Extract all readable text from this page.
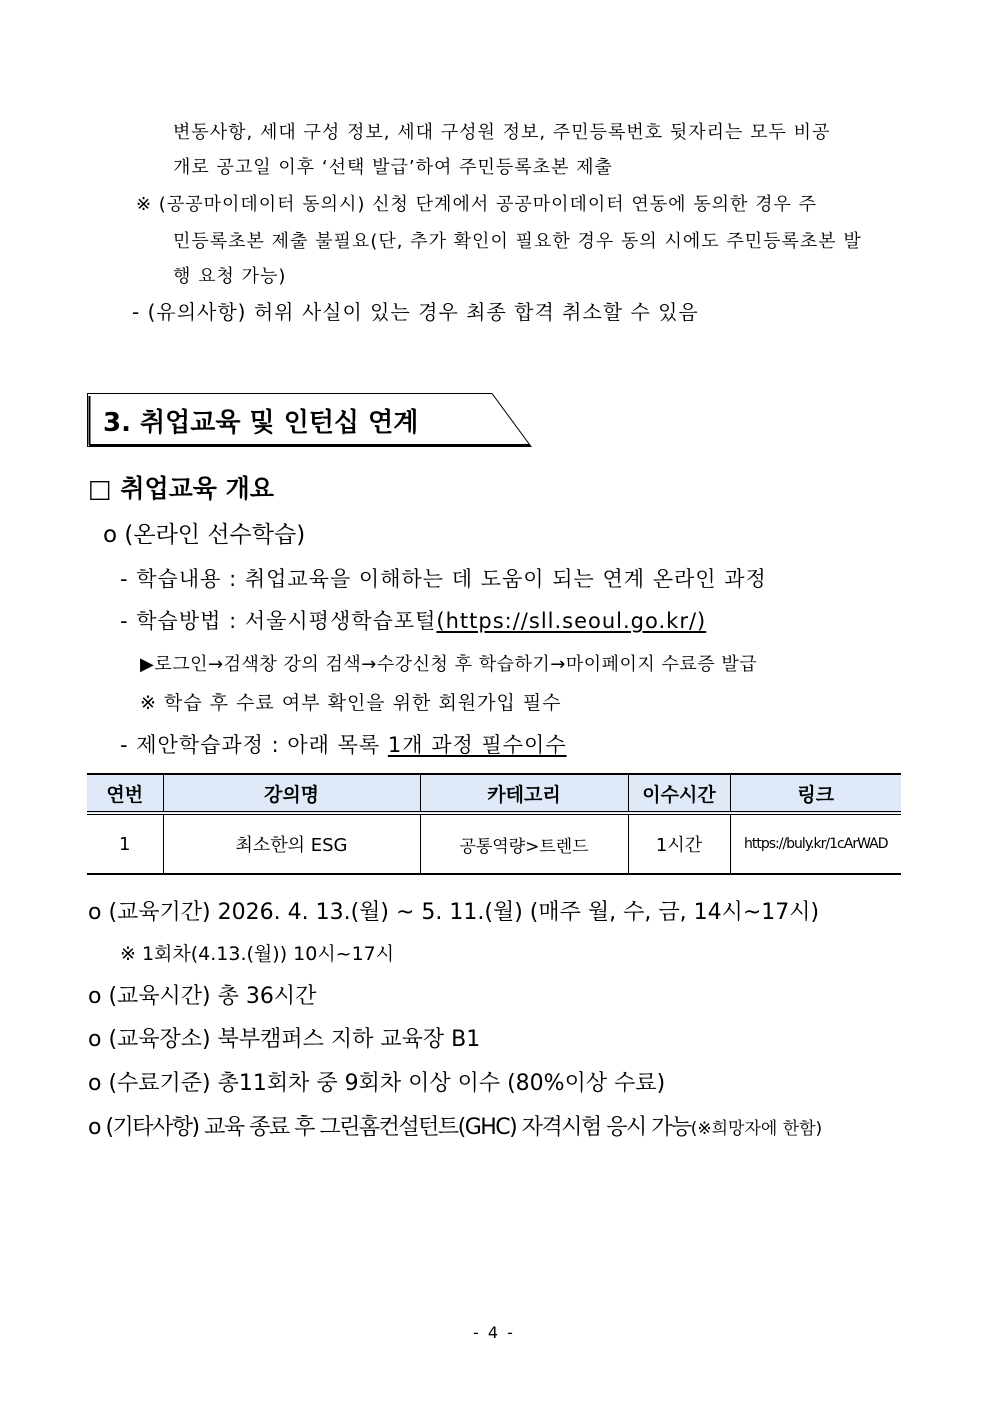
변동사항, 세대 구성 정보, 세대 구성원 정보, 주민등록번호 뒷자리는 모두 비공
개로 공고일 이후 ‘선택 발급’하여 주민등록초본 제출
※ (공공마이데이터 동의시) 신청 단계에서 공공마이데이터 연동에 동의한 경우 주
민등록초본 제출 불필요(단, 추가 확인이 필요한 경우 동의 시에도 주민등록초본 발
행 요청 가능)
- (유의사항) 허위 사실이 있는 경우 최종 합격 취소할 수 있음
3. 취업교육 및 인턴십 연계
□ 취업교육 개요
o (온라인 선수학습)
- 학습내용 : 취업교육을 이해하는 데 도움이 되는 연계 온라인 과정
- 학습방법 : 서울시평생학습포털(https://sll.seoul.go.kr/)
▶로그인→검색창 강의 검색→수강신청 후 학습하기→마이페이지 수료증 발급
※ 학습 후 수료 여부 확인을 위한 회원가입 필수
- 제안학습과정 : 아래 목록 1개 과정 필수이수
연번	강의명	카테고리	이수시간	링크
1	최소한의 ESG	공통역량>트렌드	1시간	https://buly.kr/1cArWAD
o (교육기간) 2026. 4. 13.(월) ~ 5. 11.(월) (매주 월, 수, 금, 14시~17시)
※ 1회차(4.13.(월)) 10시~17시
o (교육시간) 총 36시간
o (교육장소) 북부캠퍼스 지하 교육장 B1
o (수료기준) 총11회차 중 9회차 이상 이수 (80%이상 수료)
o (기타사항) 교육 종료 후 그린홈컨설턴트(GHC) 자격시험 응시 가능(※희망자에 한함)
- 4 -
